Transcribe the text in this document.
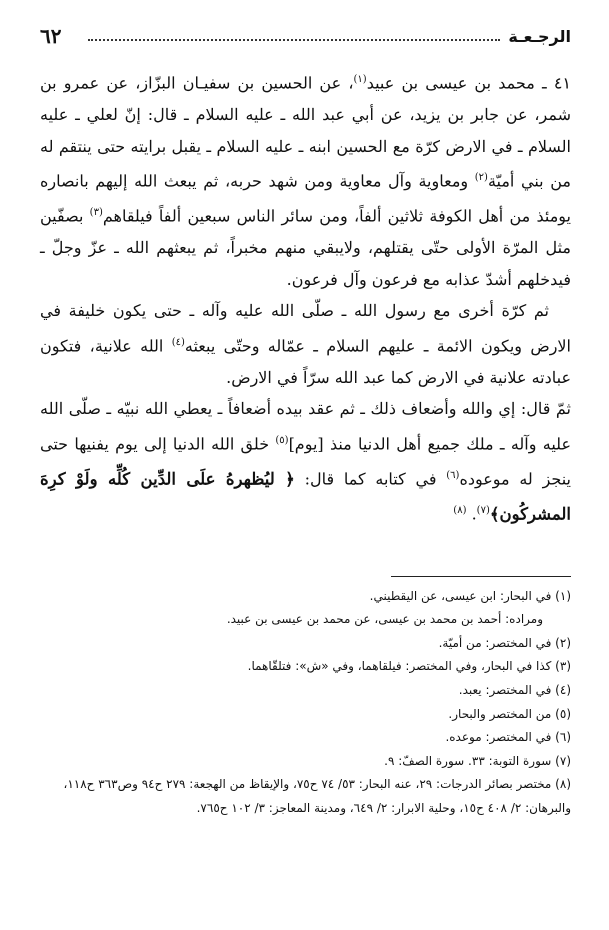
٦٢	الرجـعـة

٤١ ـ محمد بن عيسى بن عبيد$^{(١)}$، عن الحسين بن سفيـان البزّاز، عن عمرو بن شمر، عن جابر بن يزيد، عن أبي عبد الله ـ عليه السلام ـ قال: إنّ لعلي ـ عليه السلام ـ في الارض كرّة مع الحسين ابنه ـ عليه السلام ـ يقبل برايته حتى ينتقم له من بني أميّة$^{(٢)}$ ومعاوية وآل معاوية ومن شهد حربه، ثم يبعث الله إليهم بانصاره يومئذ من أهل الكوفة ثلاثين ألفاً، ومن سائر الناس سبعين ألفاً فيلقاهم$^{(٣)}$ بصفّين مثل المرّة الأولى حتّى يقتلهم، ولايبقي منهم مخبراً، ثم يبعثهم الله ـ عزّ وجلّ ـ فيدخلهم أشدّ عذابه مع فرعون وآل فرعون.

ثم كرّة أخرى مع رسول الله ـ صلّى الله عليه وآله ـ حتى يكون خليفة في الارض ويكون الائمة ـ عليهم السلام ـ عمّاله وحتّى يبعثه$^{(٤)}$ الله علانية، فتكون عبادته علانية في الارض كما عبد الله سرّاً في الارض.

ثمّ قال: إي والله وأضعاف ذلك ـ ثم عقد بيده أضعافاً ـ يعطي الله نبيّه ـ صلّى الله عليه وآله ـ ملك جميع أهل الدنيا منذ [يوم]$^{(٥)}$ خلق الله الدنيا إلى يوم يفنيها حتى ينجز له موعوده$^{(٦)}$ في كتابه كما قال: ﴿ ليُظهرهُ علَى الدِّين كُلِّه ولَوْ كرِهَ المشركُون﴾$^{(٧)}$. $^{(٨)}$

(١) في البحار: ابن عيسى، عن اليقطيني.
ومراده: أحمد بن محمد بن عيسى، عن محمد بن عيسى بن عبيد.
(٢) في المختصر: من أميّة.
(٣) كذا في البحار، وفي المختصر: فيلقاهما، وفي «ش»: فتلقّاهما.
(٤) في المختصر: يعبد.
(٥) من المختصر والبحار.
(٦) في المختصر: موعده.
(٧) سورة التوبة: ٣٣. سورة الصفّ: ٩.
(٨) مختصر بصائر الدرجات: ٢٩، عنه البحار: ٥٣/ ٧٤ ح٧٥، والإيقاظ من الهجعة: ٢٧٩ ح٩٤ وص٣٦٣ ح١١٨، والبرهان: ٢/ ٤٠٨ ح١٥، وحلية الابرار: ٢/ ٦٤٩، ومدينة المعاجز: ٣/ ١٠٢ ح٧٦٥.
